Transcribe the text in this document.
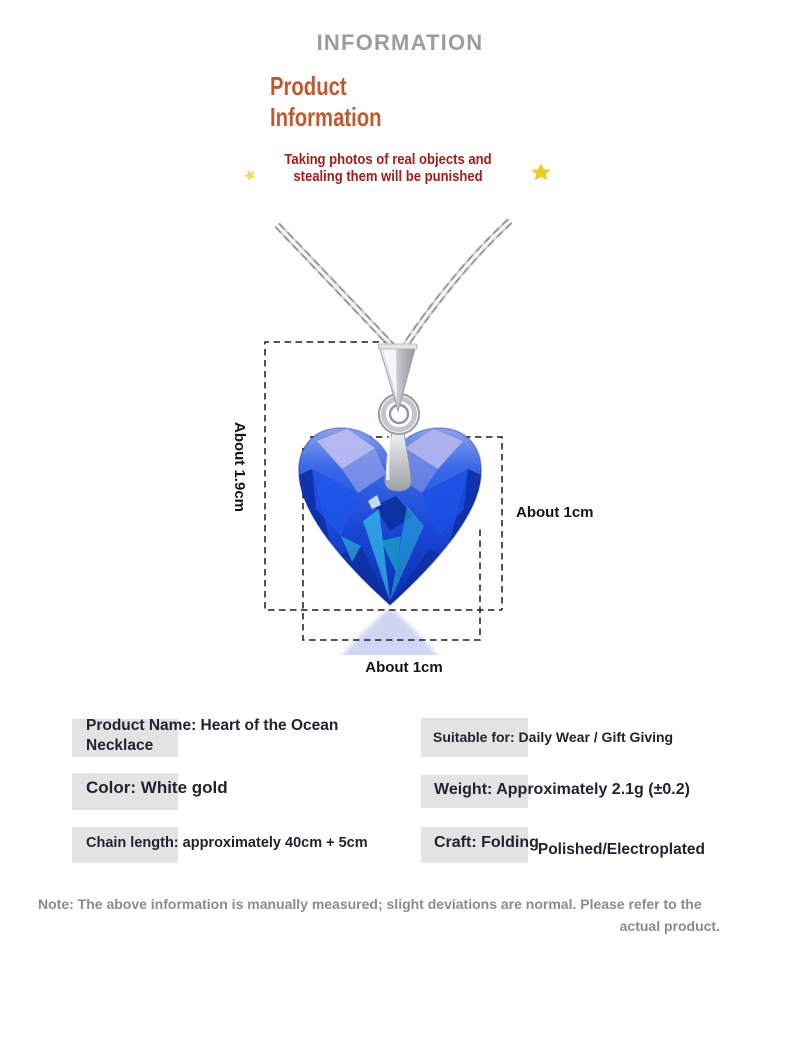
INFORMATION
Product
Information
Taking photos of real objects and
stealing them will be punished
About 1.9cm
About 1cm
About 1cm
Product Name: Heart of the Ocean
Necklace
Color: White gold
Chain length: approximately 40cm + 5cm
Suitable for: Daily Wear / Gift Giving
Weight: Approximately 2.1g (±0.2)
Craft: FoldingPolished/Electroplated
Note: The above information is manually measured; slight deviations are normal. Please refer to the
actual product.
